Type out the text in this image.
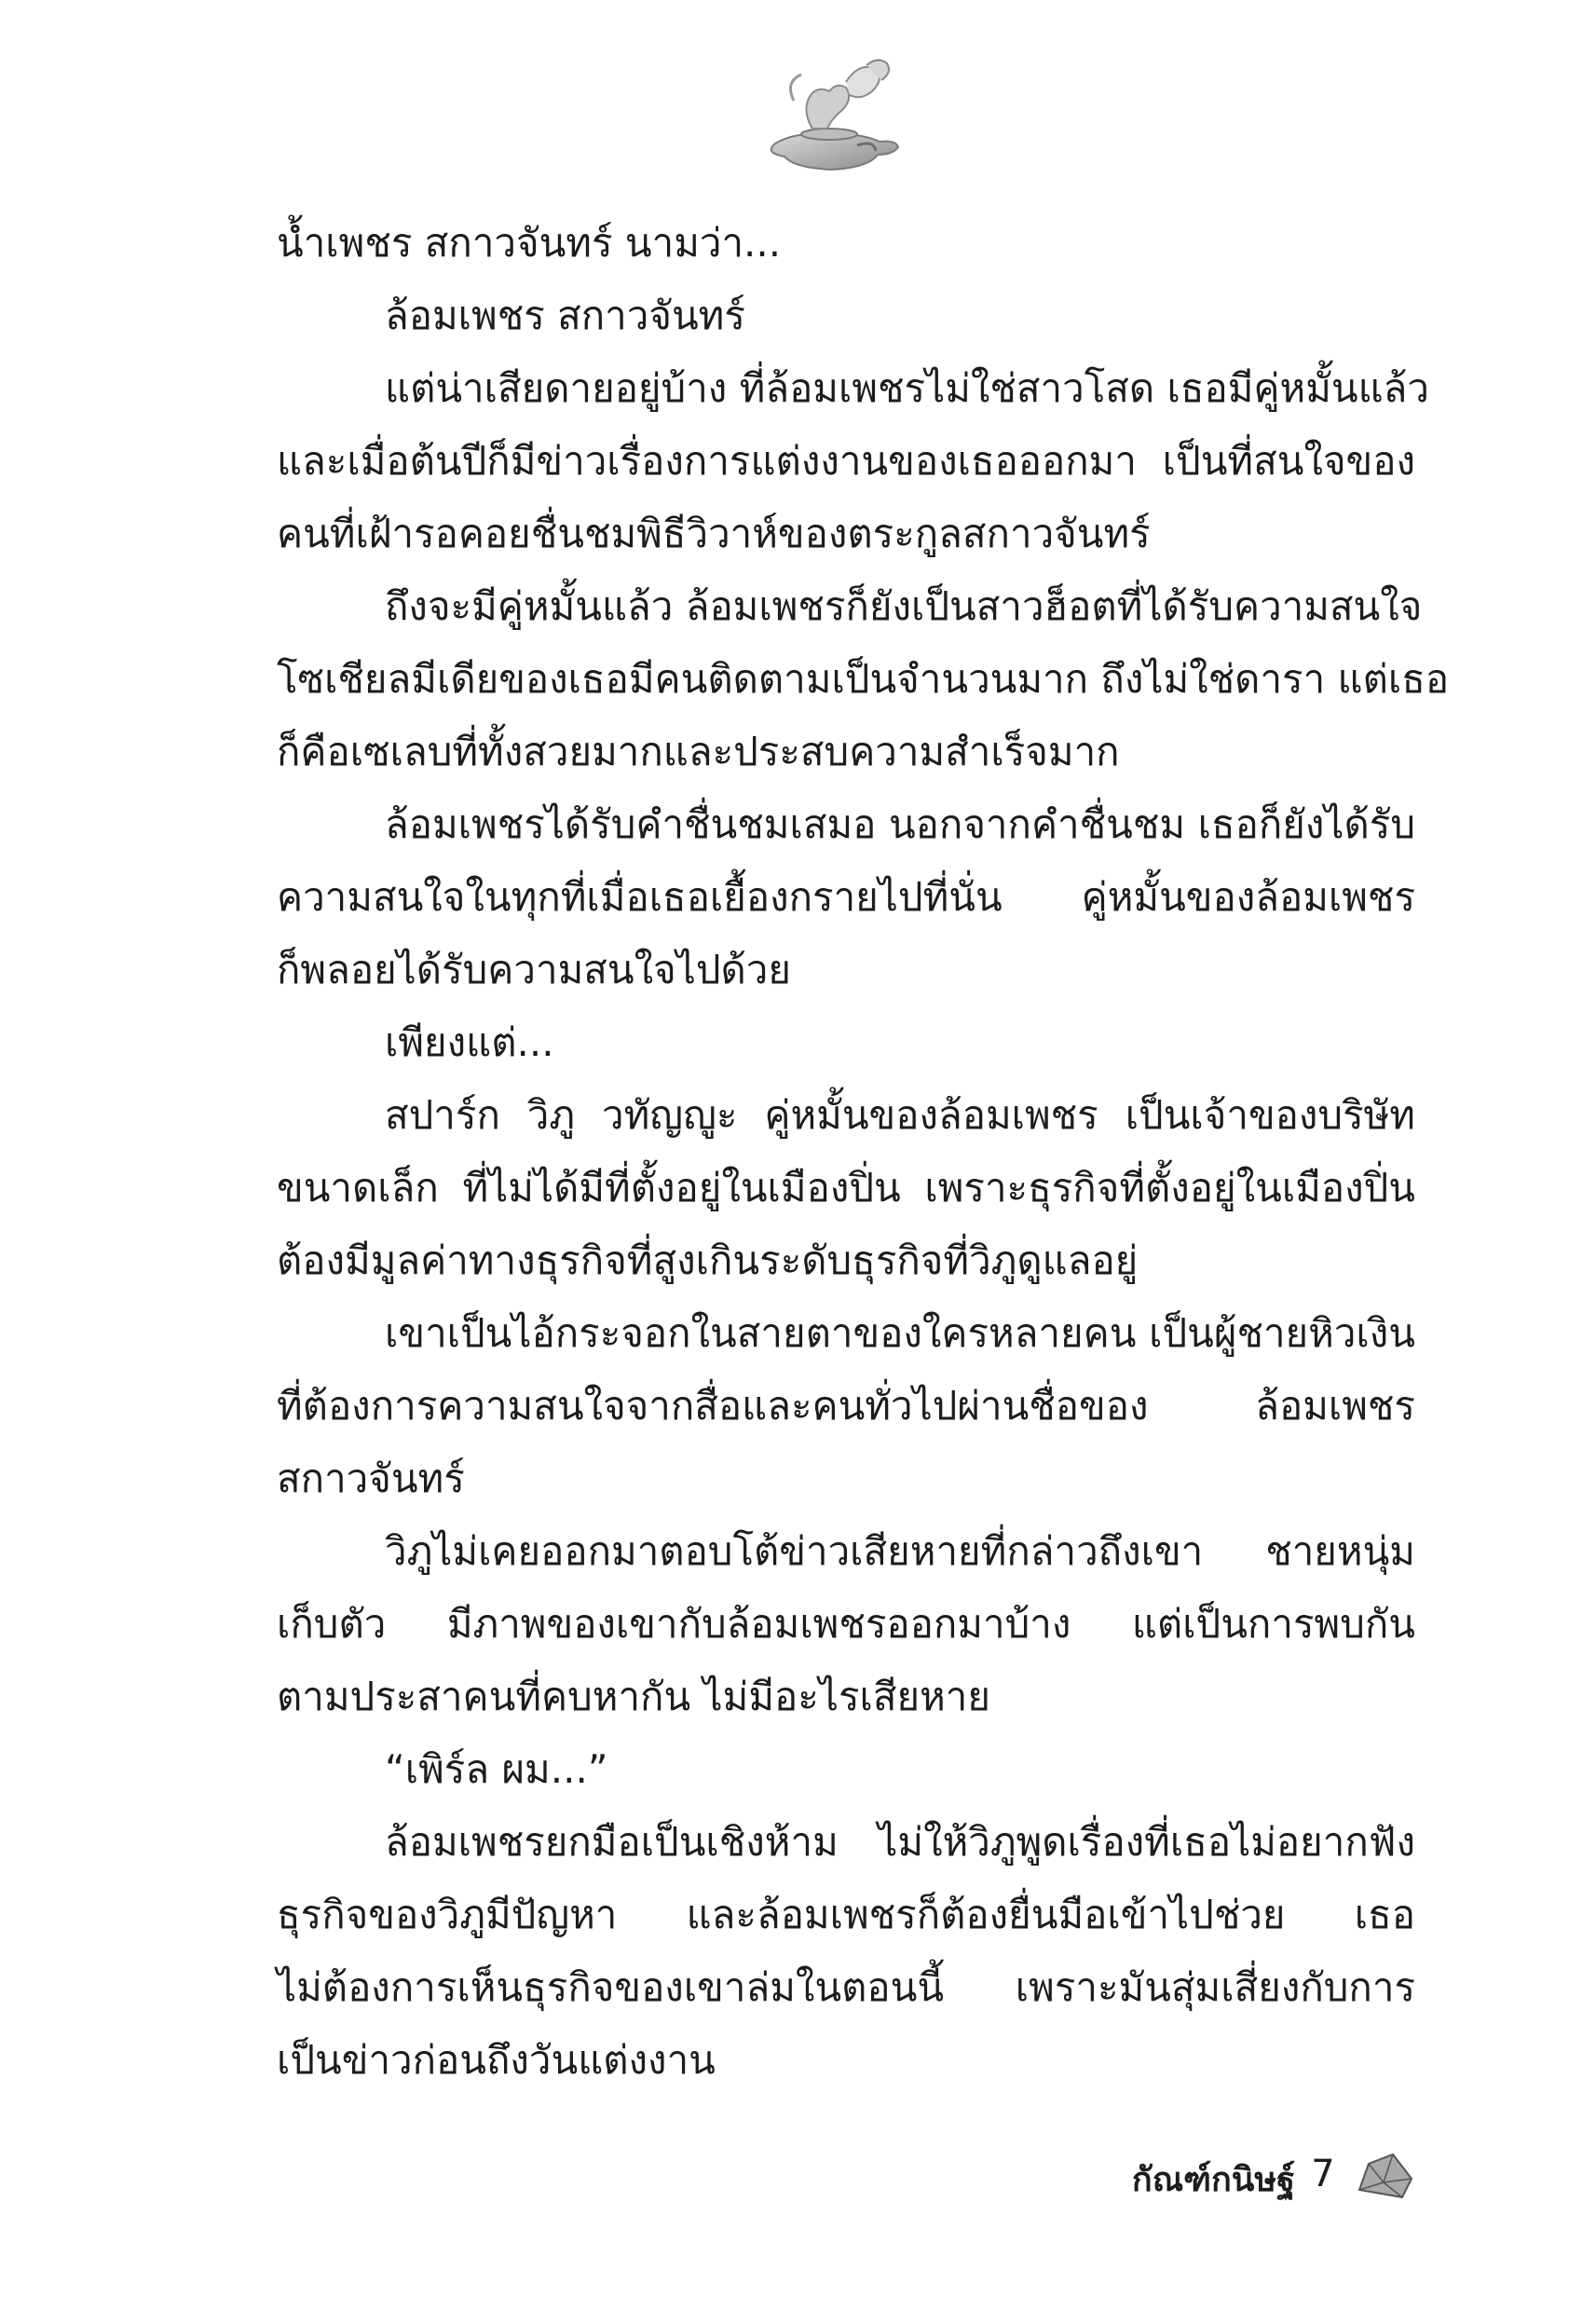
น้ำเพชร สกาวจันทร์ นามว่า...
ล้อมเพชร สกาวจันทร์
แต่น่าเสียดายอยู่บ้าง ที่ล้อมเพชรไม่ใช่สาวโสด เธอมีคู่หมั้นแล้ว
และเมื่อต้นปีก็มีข่าวเรื่องการแต่งงานของเธอออกมา เป็นที่สนใจของ
คนที่เฝ้ารอคอยชื่นชมพิธีวิวาห์ของตระกูลสกาวจันทร์
ถึงจะมีคู่หมั้นแล้ว ล้อมเพชรก็ยังเป็นสาวฮ็อตที่ได้รับความสนใจ
โซเชียลมีเดียของเธอมีคนติดตามเป็นจำนวนมาก ถึงไม่ใช่ดารา แต่เธอ
ก็คือเซเลบที่ทั้งสวยมากและประสบความสำเร็จมาก
ล้อมเพชรได้รับคำชื่นชมเสมอ นอกจากคำชื่นชม เธอก็ยังได้รับ
ความสนใจในทุกที่เมื่อเธอเยื้องกรายไปที่นั่น คู่หมั้นของล้อมเพชร
ก็พลอยได้รับความสนใจไปด้วย
เพียงแต่...
สปาร์ก วิภู วทัญญูะ คู่หมั้นของล้อมเพชร เป็นเจ้าของบริษัท
ขนาดเล็ก ที่ไม่ได้มีที่ตั้งอยู่ในเมืองปิ่น เพราะธุรกิจที่ตั้งอยู่ในเมืองปิ่น
ต้องมีมูลค่าทางธุรกิจที่สูงเกินระดับธุรกิจที่วิภูดูแลอยู่
เขาเป็นไอ้กระจอกในสายตาของใครหลายคน เป็นผู้ชายหิวเงิน
ที่ต้องการความสนใจจากสื่อและคนทั่วไปผ่านชื่อของ ล้อมเพชร
สกาวจันทร์
วิภูไม่เคยออกมาตอบโต้ข่าวเสียหายที่กล่าวถึงเขา ชายหนุ่ม
เก็บตัว มีภาพของเขากับล้อมเพชรออกมาบ้าง แต่เป็นการพบกัน
ตามประสาคนที่คบหากัน ไม่มีอะไรเสียหาย
“เพิร์ล ผม...”
ล้อมเพชรยกมือเป็นเชิงห้าม ไม่ให้วิภูพูดเรื่องที่เธอไม่อยากฟัง
ธุรกิจของวิภูมีปัญหา และล้อมเพชรก็ต้องยื่นมือเข้าไปช่วย เธอ
ไม่ต้องการเห็นธุรกิจของเขาล่มในตอนนี้ เพราะมันสุ่มเสี่ยงกับการ
เป็นข่าวก่อนถึงวันแต่งงาน
กัณฑ์กนิษฐ์ 7
